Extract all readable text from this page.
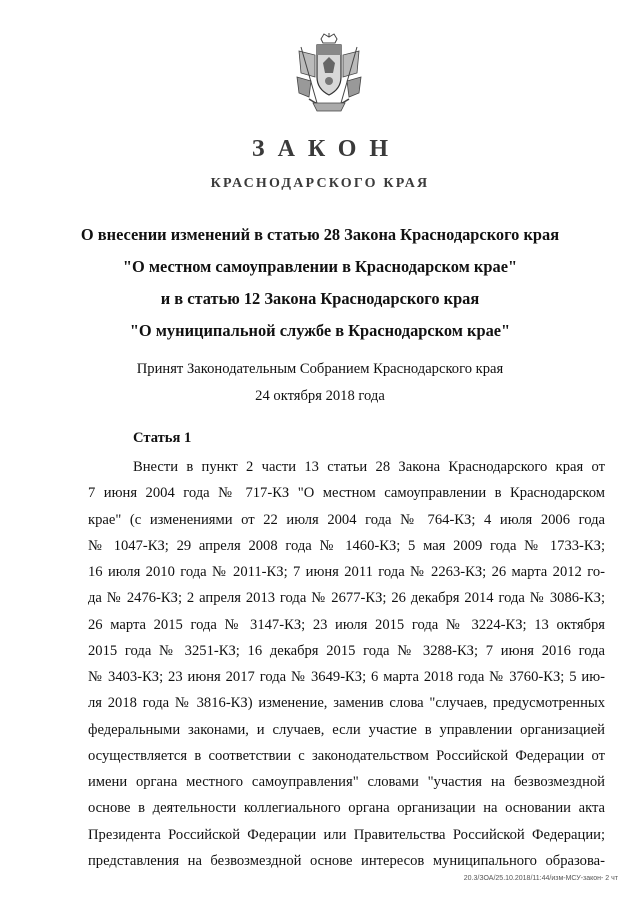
ЗАКОН
КРАСНОДАРСКОГО КРАЯ
О внесении изменений в статью 28 Закона Краснодарского края
"О местном самоуправлении в Краснодарском крае"
и в статью 12 Закона Краснодарского края
"О муниципальной службе в Краснодарском крае"
Принят Законодательным Собранием Краснодарского края
24 октября 2018 года
Статья 1
Внести в пункт 2 части 13 статьи 28 Закона Краснодарского края от
7 июня 2004 года № 717-КЗ "О местном самоуправлении в Краснодарском
крае" (с изменениями от 22 июля 2004 года № 764-КЗ; 4 июля 2006 года
№ 1047-КЗ; 29 апреля 2008 года № 1460-КЗ; 5 мая 2009 года № 1733-КЗ;
16 июля 2010 года № 2011-КЗ; 7 июня 2011 года № 2263-КЗ; 26 марта 2012 го-
да № 2476-КЗ; 2 апреля 2013 года № 2677-КЗ; 26 декабря 2014 года № 3086-КЗ;
26 марта 2015 года № 3147-КЗ; 23 июля 2015 года № 3224-КЗ; 13 октября
2015 года № 3251-КЗ; 16 декабря 2015 года № 3288-КЗ; 7 июня 2016 года
№ 3403-КЗ; 23 июня 2017 года № 3649-КЗ; 6 марта 2018 года № 3760-КЗ; 5 ию-
ля 2018 года № 3816-КЗ) изменение, заменив слова "случаев, предусмотренных
федеральными законами, и случаев, если участие в управлении организацией
осуществляется в соответствии с законодательством Российской Федерации от
имени органа местного самоуправления" словами "участия на безвозмездной
основе в деятельности коллегиального органа организации на основании акта
Президента Российской Федерации или Правительства Российской Федерации;
представления на безвозмездной основе интересов муниципального образова-
20.3/ЗОА/25.10.2018/11:44/изм-МСУ-закон- 2 чт
